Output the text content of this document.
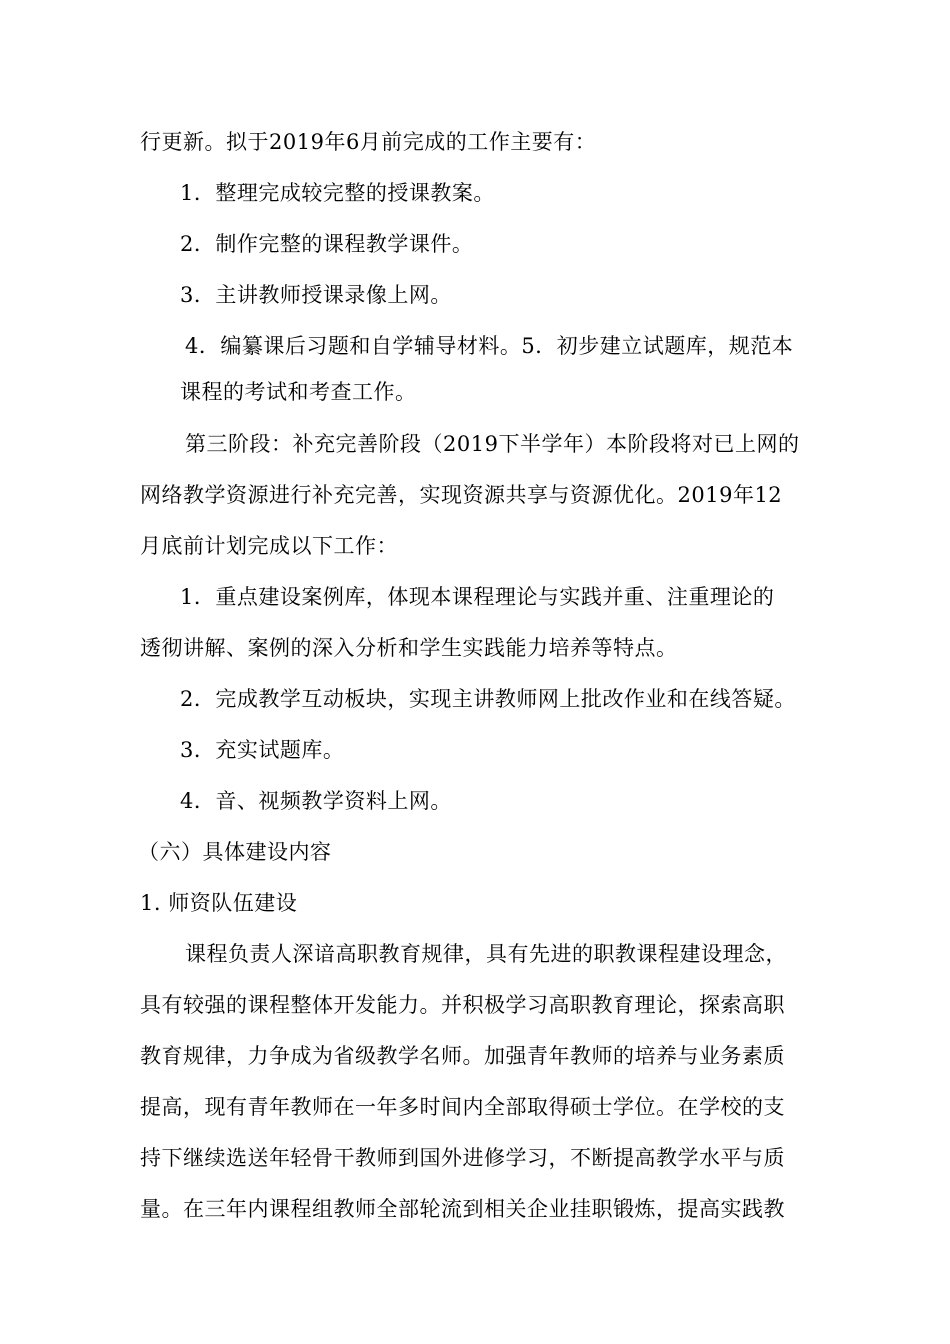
行更新。拟于2019年6月前完成的工作主要有：
1．整理完成较完整的授课教案。
2．制作完整的课程教学课件。
3．主讲教师授课录像上网。
4．编纂课后习题和自学辅导材料。5．初步建立试题库，规范本
课程的考试和考查工作。
第三阶段：补充完善阶段（2019下半学年）本阶段将对已上网的
网络教学资源进行补充完善，实现资源共享与资源优化。2019年12
月底前计划完成以下工作：
1．重点建设案例库，体现本课程理论与实践并重、注重理论的
透彻讲解、案例的深入分析和学生实践能力培养等特点。
2．完成教学互动板块，实现主讲教师网上批改作业和在线答疑。
3．充实试题库。
4．音、视频教学资料上网。
（六）具体建设内容
1. 师资队伍建设
课程负责人深谙高职教育规律，具有先进的职教课程建设理念，
具有较强的课程整体开发能力。并积极学习高职教育理论，探索高职
教育规律，力争成为省级教学名师。加强青年教师的培养与业务素质
提高，现有青年教师在一年多时间内全部取得硕士学位。在学校的支
持下继续选送年轻骨干教师到国外进修学习，不断提高教学水平与质
量。在三年内课程组教师全部轮流到相关企业挂职锻炼，提高实践教
